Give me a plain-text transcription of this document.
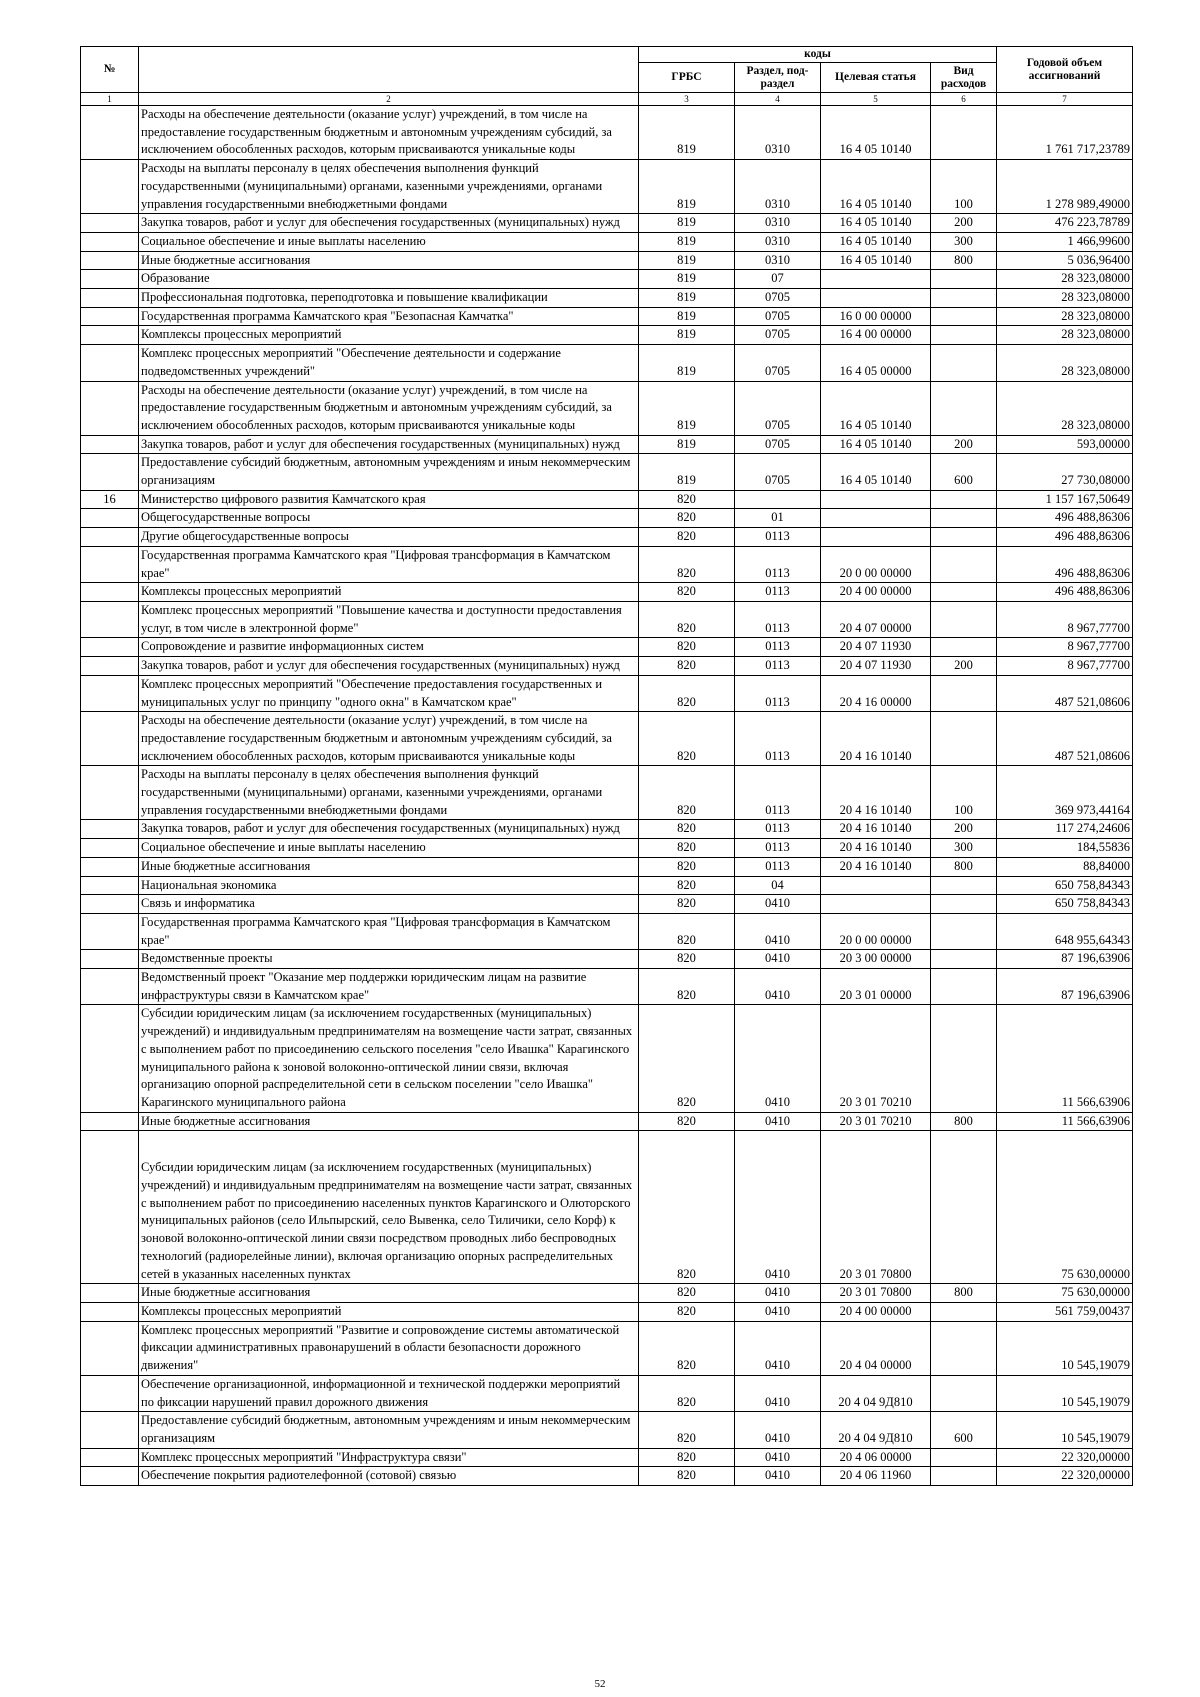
№		коды				Годовой объем ассигнований
		ГРБС	Раздел, под-раздел	Целевая статья	Вид расходов	
1	2	3	4	5	6	7
	Расходы на обеспечение деятельности (оказание услуг) учреждений, в том числе на предоставление государственным бюджетным и автономным учреждениям субсидий, за исключением обособленных расходов, которым присваиваются уникальные коды	819	0310	16 4 05 10140		1 761 717,23789
	Расходы на выплаты персоналу в целях обеспечения выполнения функций государственными (муниципальными) органами, казенными учреждениями, органами управления государственными внебюджетными фондами	819	0310	16 4 05 10140	100	1 278 989,49000
	Закупка товаров, работ и услуг для обеспечения государственных (муниципальных) нужд	819	0310	16 4 05 10140	200	476 223,78789
	Социальное обеспечение и иные выплаты населению	819	0310	16 4 05 10140	300	1 466,99600
	Иные бюджетные ассигнования	819	0310	16 4 05 10140	800	5 036,96400
	Образование	819	07			28 323,08000
	Профессиональная подготовка, переподготовка и повышение квалификации	819	0705			28 323,08000
	Государственная программа Камчатского края "Безопасная Камчатка"	819	0705	16 0 00 00000		28 323,08000
	Комплексы процессных мероприятий	819	0705	16 4 00 00000		28 323,08000
	Комплекс процессных мероприятий "Обеспечение деятельности и содержание подведомственных учреждений"	819	0705	16 4 05 00000		28 323,08000
	Расходы на обеспечение деятельности (оказание услуг) учреждений, в том числе на предоставление государственным бюджетным и автономным учреждениям субсидий, за исключением обособленных расходов, которым присваиваются уникальные коды	819	0705	16 4 05 10140		28 323,08000
	Закупка товаров, работ и услуг для обеспечения государственных (муниципальных) нужд	819	0705	16 4 05 10140	200	593,00000
	Предоставление субсидий бюджетным, автономным учреждениям и иным некоммерческим организациям	819	0705	16 4 05 10140	600	27 730,08000
16	Министерство цифрового развития Камчатского края	820				1 157 167,50649
	Общегосударственные вопросы	820	01			496 488,86306
	Другие общегосударственные вопросы	820	0113			496 488,86306
	Государственная программа Камчатского края "Цифровая трансформация в Камчатском крае"	820	0113	20 0 00 00000		496 488,86306
	Комплексы процессных мероприятий	820	0113	20 4 00 00000		496 488,86306
	Комплекс процессных мероприятий "Повышение качества и доступности предоставления услуг, в том числе в электронной форме"	820	0113	20 4 07 00000		8 967,77700
	Сопровождение и развитие информационных систем	820	0113	20 4 07 11930		8 967,77700
	Закупка товаров, работ и услуг для обеспечения государственных (муниципальных) нужд	820	0113	20 4 07 11930	200	8 967,77700
	Комплекс процессных мероприятий "Обеспечение предоставления государственных и муниципальных услуг по принципу "одного окна" в Камчатском крае"	820	0113	20 4 16 00000		487 521,08606
	Расходы на обеспечение деятельности (оказание услуг) учреждений, в том числе на предоставление государственным бюджетным и автономным учреждениям субсидий, за исключением обособленных расходов, которым присваиваются уникальные коды	820	0113	20 4 16 10140		487 521,08606
	Расходы на выплаты персоналу в целях обеспечения выполнения функций государственными (муниципальными) органами, казенными учреждениями, органами управления государственными внебюджетными фондами	820	0113	20 4 16 10140	100	369 973,44164
	Закупка товаров, работ и услуг для обеспечения государственных (муниципальных) нужд	820	0113	20 4 16 10140	200	117 274,24606
	Социальное обеспечение и иные выплаты населению	820	0113	20 4 16 10140	300	184,55836
	Иные бюджетные ассигнования	820	0113	20 4 16 10140	800	88,84000
	Национальная экономика	820	04			650 758,84343
	Связь и информатика	820	0410			650 758,84343
	Государственная программа Камчатского края "Цифровая трансформация в Камчатском крае"	820	0410	20 0 00 00000		648 955,64343
	Ведомственные проекты	820	0410	20 3 00 00000		87 196,63906
	Ведомственный проект "Оказание мер поддержки юридическим лицам на развитие инфраструктуры связи в Камчатском крае"	820	0410	20 3 01 00000		87 196,63906
	Субсидии юридическим лицам (за исключением государственных (муниципальных) учреждений) и индивидуальным предпринимателям на возмещение части затрат, связанных с выполнением работ по присоединению сельского поселения "село Ивашка" Карагинского муниципального района к зоновой волоконно-оптической линии связи, включая организацию опорной распределительной сети в сельском поселении "село Ивашка" Карагинского муниципального района	820	0410	20 3 01 70210		11 566,63906
	Иные бюджетные ассигнования	820	0410	20 3 01 70210	800	11 566,63906
	Субсидии юридическим лицам (за исключением государственных (муниципальных) учреждений) и индивидуальным предпринимателям на возмещение части затрат, связанных с выполнением работ по присоединению населенных пунктов Карагинского и Олюторского муниципальных районов (село Ильпырский, село Вывенка, село Тиличики, село Корф) к зоновой волоконно-оптической линии связи посредством проводных либо беспроводных технологий (радиорелейные линии), включая организацию опорных распределительных сетей в указанных населенных пунктах	820	0410	20 3 01 70800		75 630,00000
	Иные бюджетные ассигнования	820	0410	20 3 01 70800	800	75 630,00000
	Комплексы процессных мероприятий	820	0410	20 4 00 00000		561 759,00437
	Комплекс процессных мероприятий "Развитие и сопровождение системы автоматической фиксации административных правонарушений в области безопасности дорожного движения"	820	0410	20 4 04 00000		10 545,19079
	Обеспечение организационной, информационной и технической поддержки мероприятий по фиксации нарушений правил дорожного движения	820	0410	20 4 04 9Д810		10 545,19079
	Предоставление субсидий бюджетным, автономным учреждениям и иным некоммерческим организациям	820	0410	20 4 04 9Д810	600	10 545,19079
	Комплекс процессных мероприятий "Инфраструктура связи"	820	0410	20 4 06 00000		22 320,00000
	Обеспечение покрытия радиотелефонной (сотовой) связью	820	0410	20 4 06 11960		22 320,00000
52
